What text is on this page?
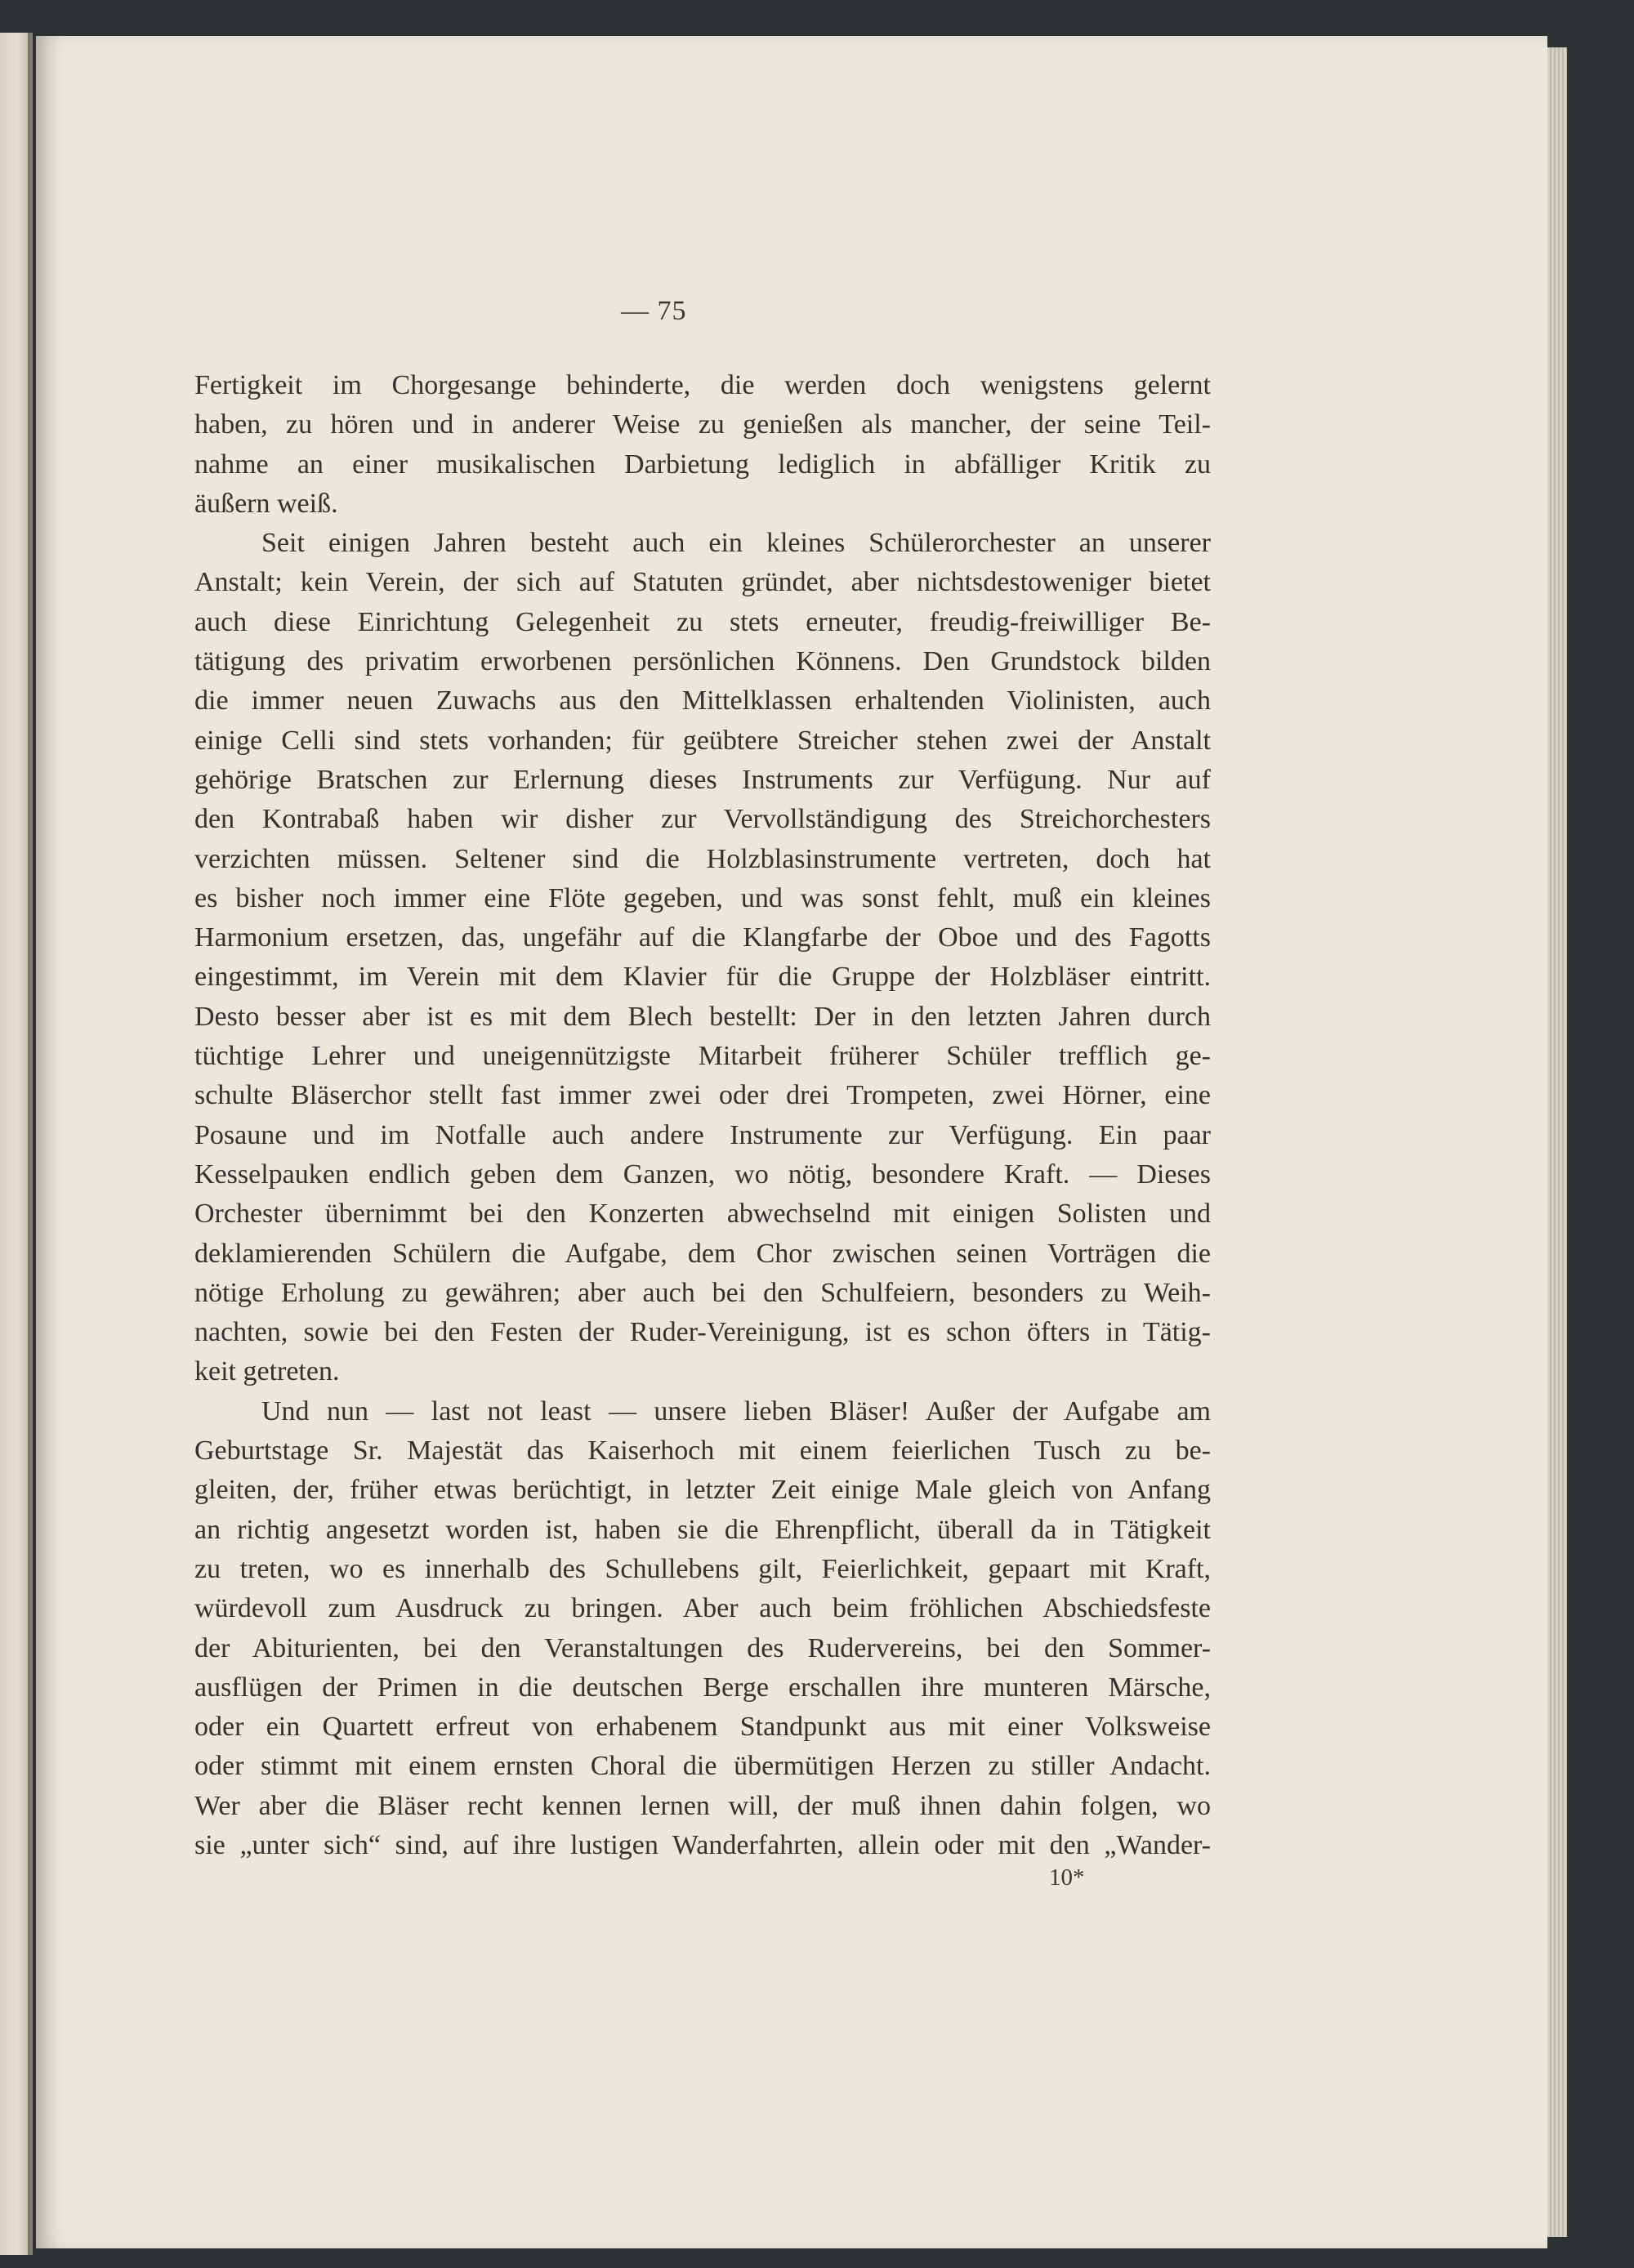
— 75
Fertigkeit im Chorgesange behinderte, die werden doch wenigstens gelernt
haben, zu hören und in anderer Weise zu genießen als mancher, der seine Teil-
nahme an einer musikalischen Darbietung lediglich in abfälliger Kritik zu
äußern weiß.
Seit einigen Jahren besteht auch ein kleines Schülerorchester an unserer
Anstalt; kein Verein, der sich auf Statuten gründet, aber nichtsdestoweniger bietet
auch diese Einrichtung Gelegenheit zu stets erneuter, freudig-freiwilliger Be-
tätigung des privatim erworbenen persönlichen Könnens. Den Grundstock bilden
die immer neuen Zuwachs aus den Mittelklassen erhaltenden Violinisten, auch
einige Celli sind stets vorhanden; für geübtere Streicher stehen zwei der Anstalt
gehörige Bratschen zur Erlernung dieses Instruments zur Verfügung. Nur auf
den Kontrabaß haben wir disher zur Vervollständigung des Streichorchesters
verzichten müssen. Seltener sind die Holzblasinstrumente vertreten, doch hat
es bisher noch immer eine Flöte gegeben, und was sonst fehlt, muß ein kleines
Harmonium ersetzen, das, ungefähr auf die Klangfarbe der Oboe und des Fagotts
eingestimmt, im Verein mit dem Klavier für die Gruppe der Holzbläser eintritt.
Desto besser aber ist es mit dem Blech bestellt: Der in den letzten Jahren durch
tüchtige Lehrer und uneigennützigste Mitarbeit früherer Schüler trefflich ge-
schulte Bläserchor stellt fast immer zwei oder drei Trompeten, zwei Hörner, eine
Posaune und im Notfalle auch andere Instrumente zur Verfügung. Ein paar
Kesselpauken endlich geben dem Ganzen, wo nötig, besondere Kraft. — Dieses
Orchester übernimmt bei den Konzerten abwechselnd mit einigen Solisten und
deklamierenden Schülern die Aufgabe, dem Chor zwischen seinen Vorträgen die
nötige Erholung zu gewähren; aber auch bei den Schulfeiern, besonders zu Weih-
nachten, sowie bei den Festen der Ruder-Vereinigung, ist es schon öfters in Tätig-
keit getreten.
Und nun — last not least — unsere lieben Bläser! Außer der Aufgabe am
Geburtstage Sr. Majestät das Kaiserhoch mit einem feierlichen Tusch zu be-
gleiten, der, früher etwas berüchtigt, in letzter Zeit einige Male gleich von Anfang
an richtig angesetzt worden ist, haben sie die Ehrenpflicht, überall da in Tätigkeit
zu treten, wo es innerhalb des Schullebens gilt, Feierlichkeit, gepaart mit Kraft,
würdevoll zum Ausdruck zu bringen. Aber auch beim fröhlichen Abschiedsfeste
der Abiturienten, bei den Veranstaltungen des Rudervereins, bei den Sommer-
ausflügen der Primen in die deutschen Berge erschallen ihre munteren Märsche,
oder ein Quartett erfreut von erhabenem Standpunkt aus mit einer Volksweise
oder stimmt mit einem ernsten Choral die übermütigen Herzen zu stiller Andacht.
Wer aber die Bläser recht kennen lernen will, der muß ihnen dahin folgen, wo
sie „unter sich“ sind, auf ihre lustigen Wanderfahrten, allein oder mit den „Wander-
10*
